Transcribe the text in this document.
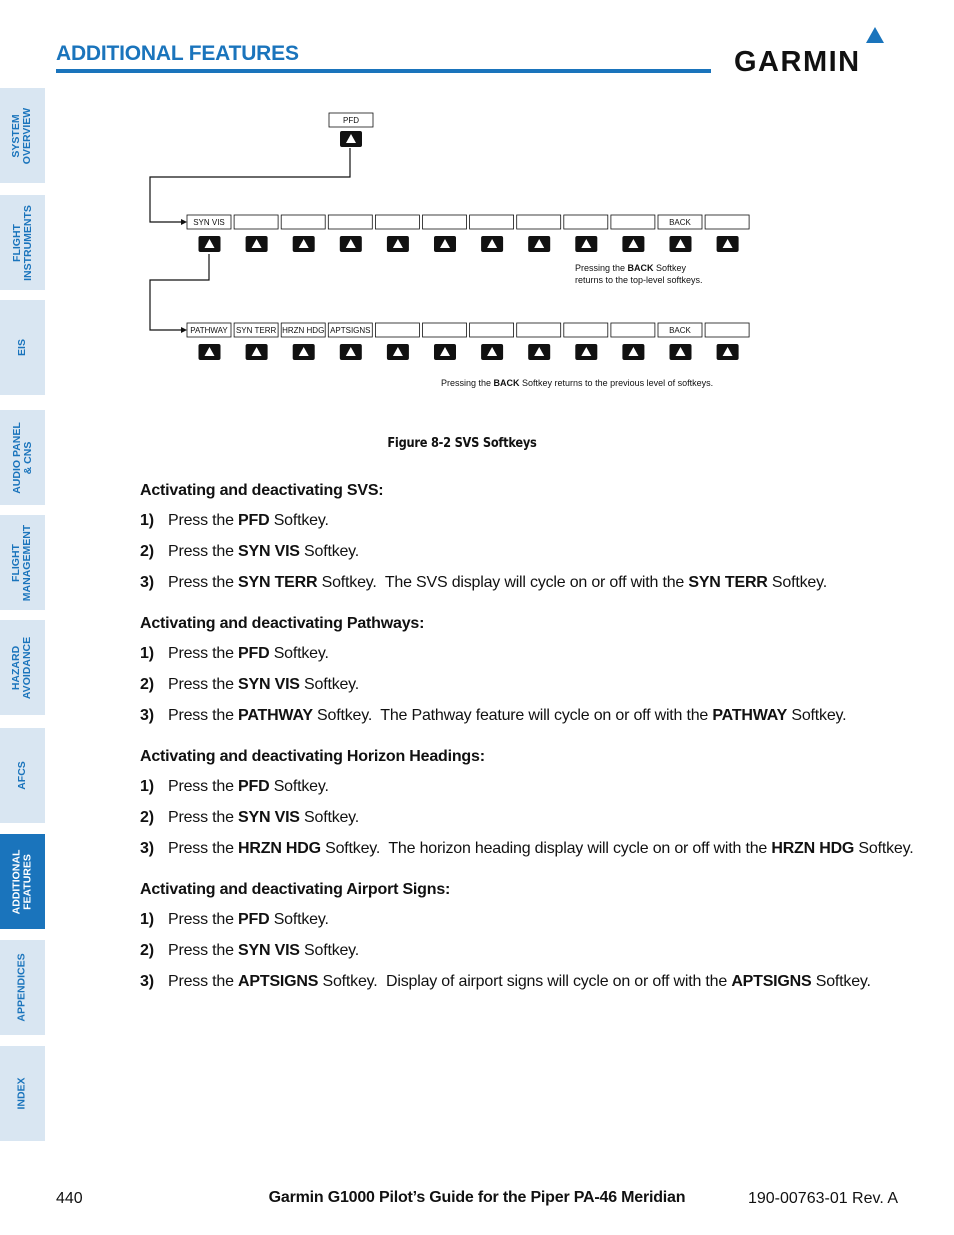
ADDITIONAL FEATURES	GARMIN
SYSTEM
OVERVIEW
FLIGHT
INSTRUMENTS
EIS
AUDIO PANEL
& CNS
FLIGHT
MANAGEMENT
HAZARD
AVOIDANCE
AFCS
ADDITIONAL
FEATURES
APPENDICES
INDEX
PFD
SYN VIS	BACK
PATHWAY SYN TERR HRZN HDG APTSIGNS	BACK
Pressing the BACK Softkey
returns to the top-level softkeys.
Pressing the BACK Softkey returns to the previous level of softkeys.
Figure 8-2 SVS Softkeys
Activating and deactivating SVS:
1) Press the PFD Softkey.
2) Press the SYN VIS Softkey.
3) Press the SYN TERR Softkey.  The SVS display will cycle on or off with the SYN TERR Softkey.
Activating and deactivating Pathways:
1) Press the PFD Softkey.
2) Press the SYN VIS Softkey.
3) Press the PATHWAY Softkey.  The Pathway feature will cycle on or off with the PATHWAY Softkey.
Activating and deactivating Horizon Headings:
1) Press the PFD Softkey.
2) Press the SYN VIS Softkey.
3) Press the HRZN HDG Softkey.  The horizon heading display will cycle on or off with the HRZN HDG Softkey.
Activating and deactivating Airport Signs:
1) Press the PFD Softkey.
2) Press the SYN VIS Softkey.
3) Press the APTSIGNS Softkey.  Display of airport signs will cycle on or off with the APTSIGNS Softkey.
440	Garmin G1000 Pilot’s Guide for the Piper PA-46 Meridian	190-00763-01 Rev. A
